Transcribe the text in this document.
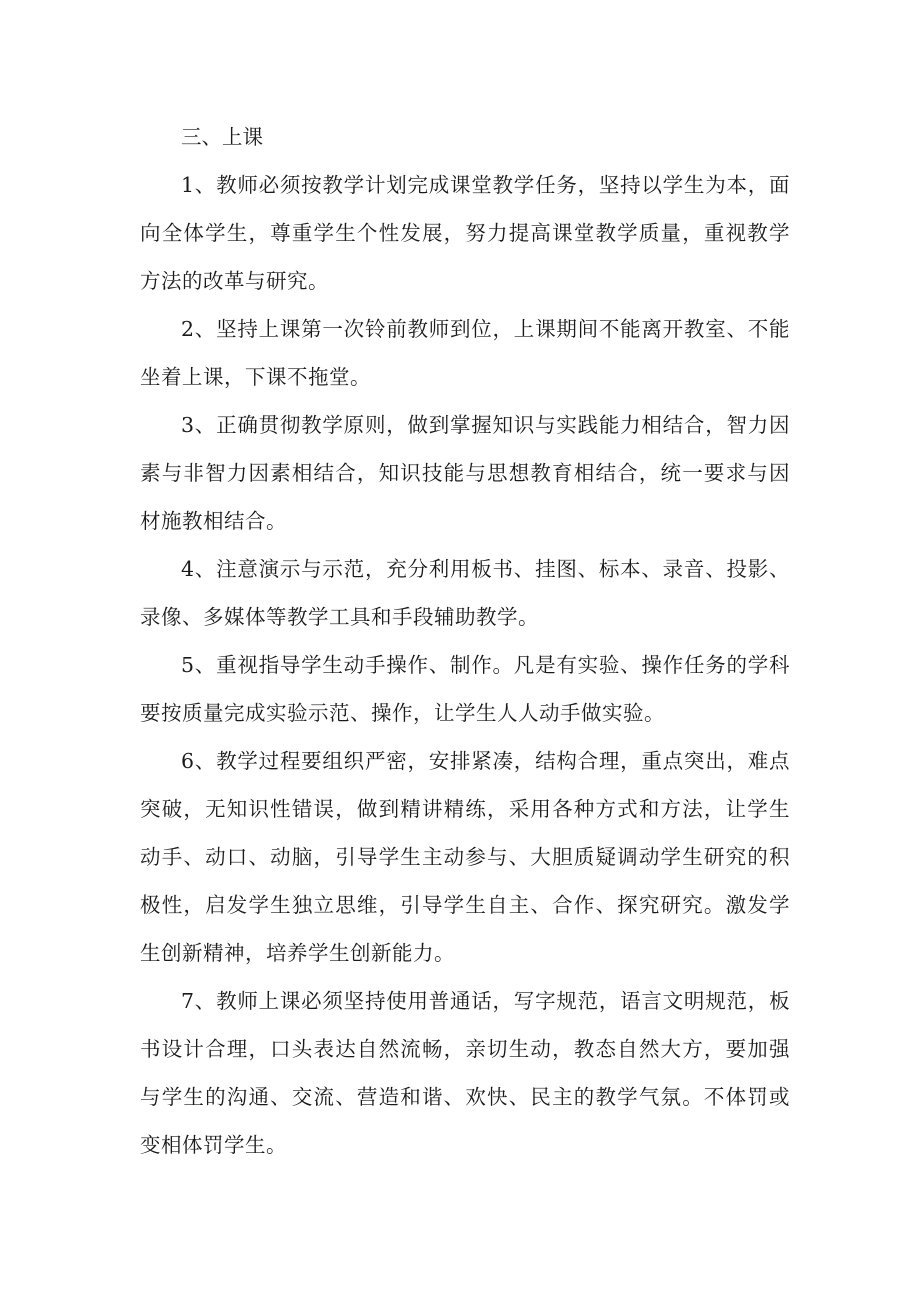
三、上课

1、教师必须按教学计划完成课堂教学任务，坚持以学生为本，面向全体学生，尊重学生个性发展，努力提高课堂教学质量，重视教学方法的改革与研究。

2、坚持上课第一次铃前教师到位，上课期间不能离开教室、不能坐着上课，下课不拖堂。

3、正确贯彻教学原则，做到掌握知识与实践能力相结合，智力因素与非智力因素相结合，知识技能与思想教育相结合，统一要求与因材施教相结合。

4、注意演示与示范，充分利用板书、挂图、标本、录音、投影、录像、多媒体等教学工具和手段辅助教学。

5、重视指导学生动手操作、制作。凡是有实验、操作任务的学科要按质量完成实验示范、操作，让学生人人动手做实验。

6、教学过程要组织严密，安排紧凑，结构合理，重点突出，难点突破，无知识性错误，做到精讲精练，采用各种方式和方法，让学生动手、动口、动脑，引导学生主动参与、大胆质疑调动学生研究的积极性，启发学生独立思维，引导学生自主、合作、探究研究。激发学生创新精神，培养学生创新能力。

7、教师上课必须坚持使用普通话，写字规范，语言文明规范，板书设计合理，口头表达自然流畅，亲切生动，教态自然大方，要加强与学生的沟通、交流、营造和谐、欢快、民主的教学气氛。不体罚或变相体罚学生。
